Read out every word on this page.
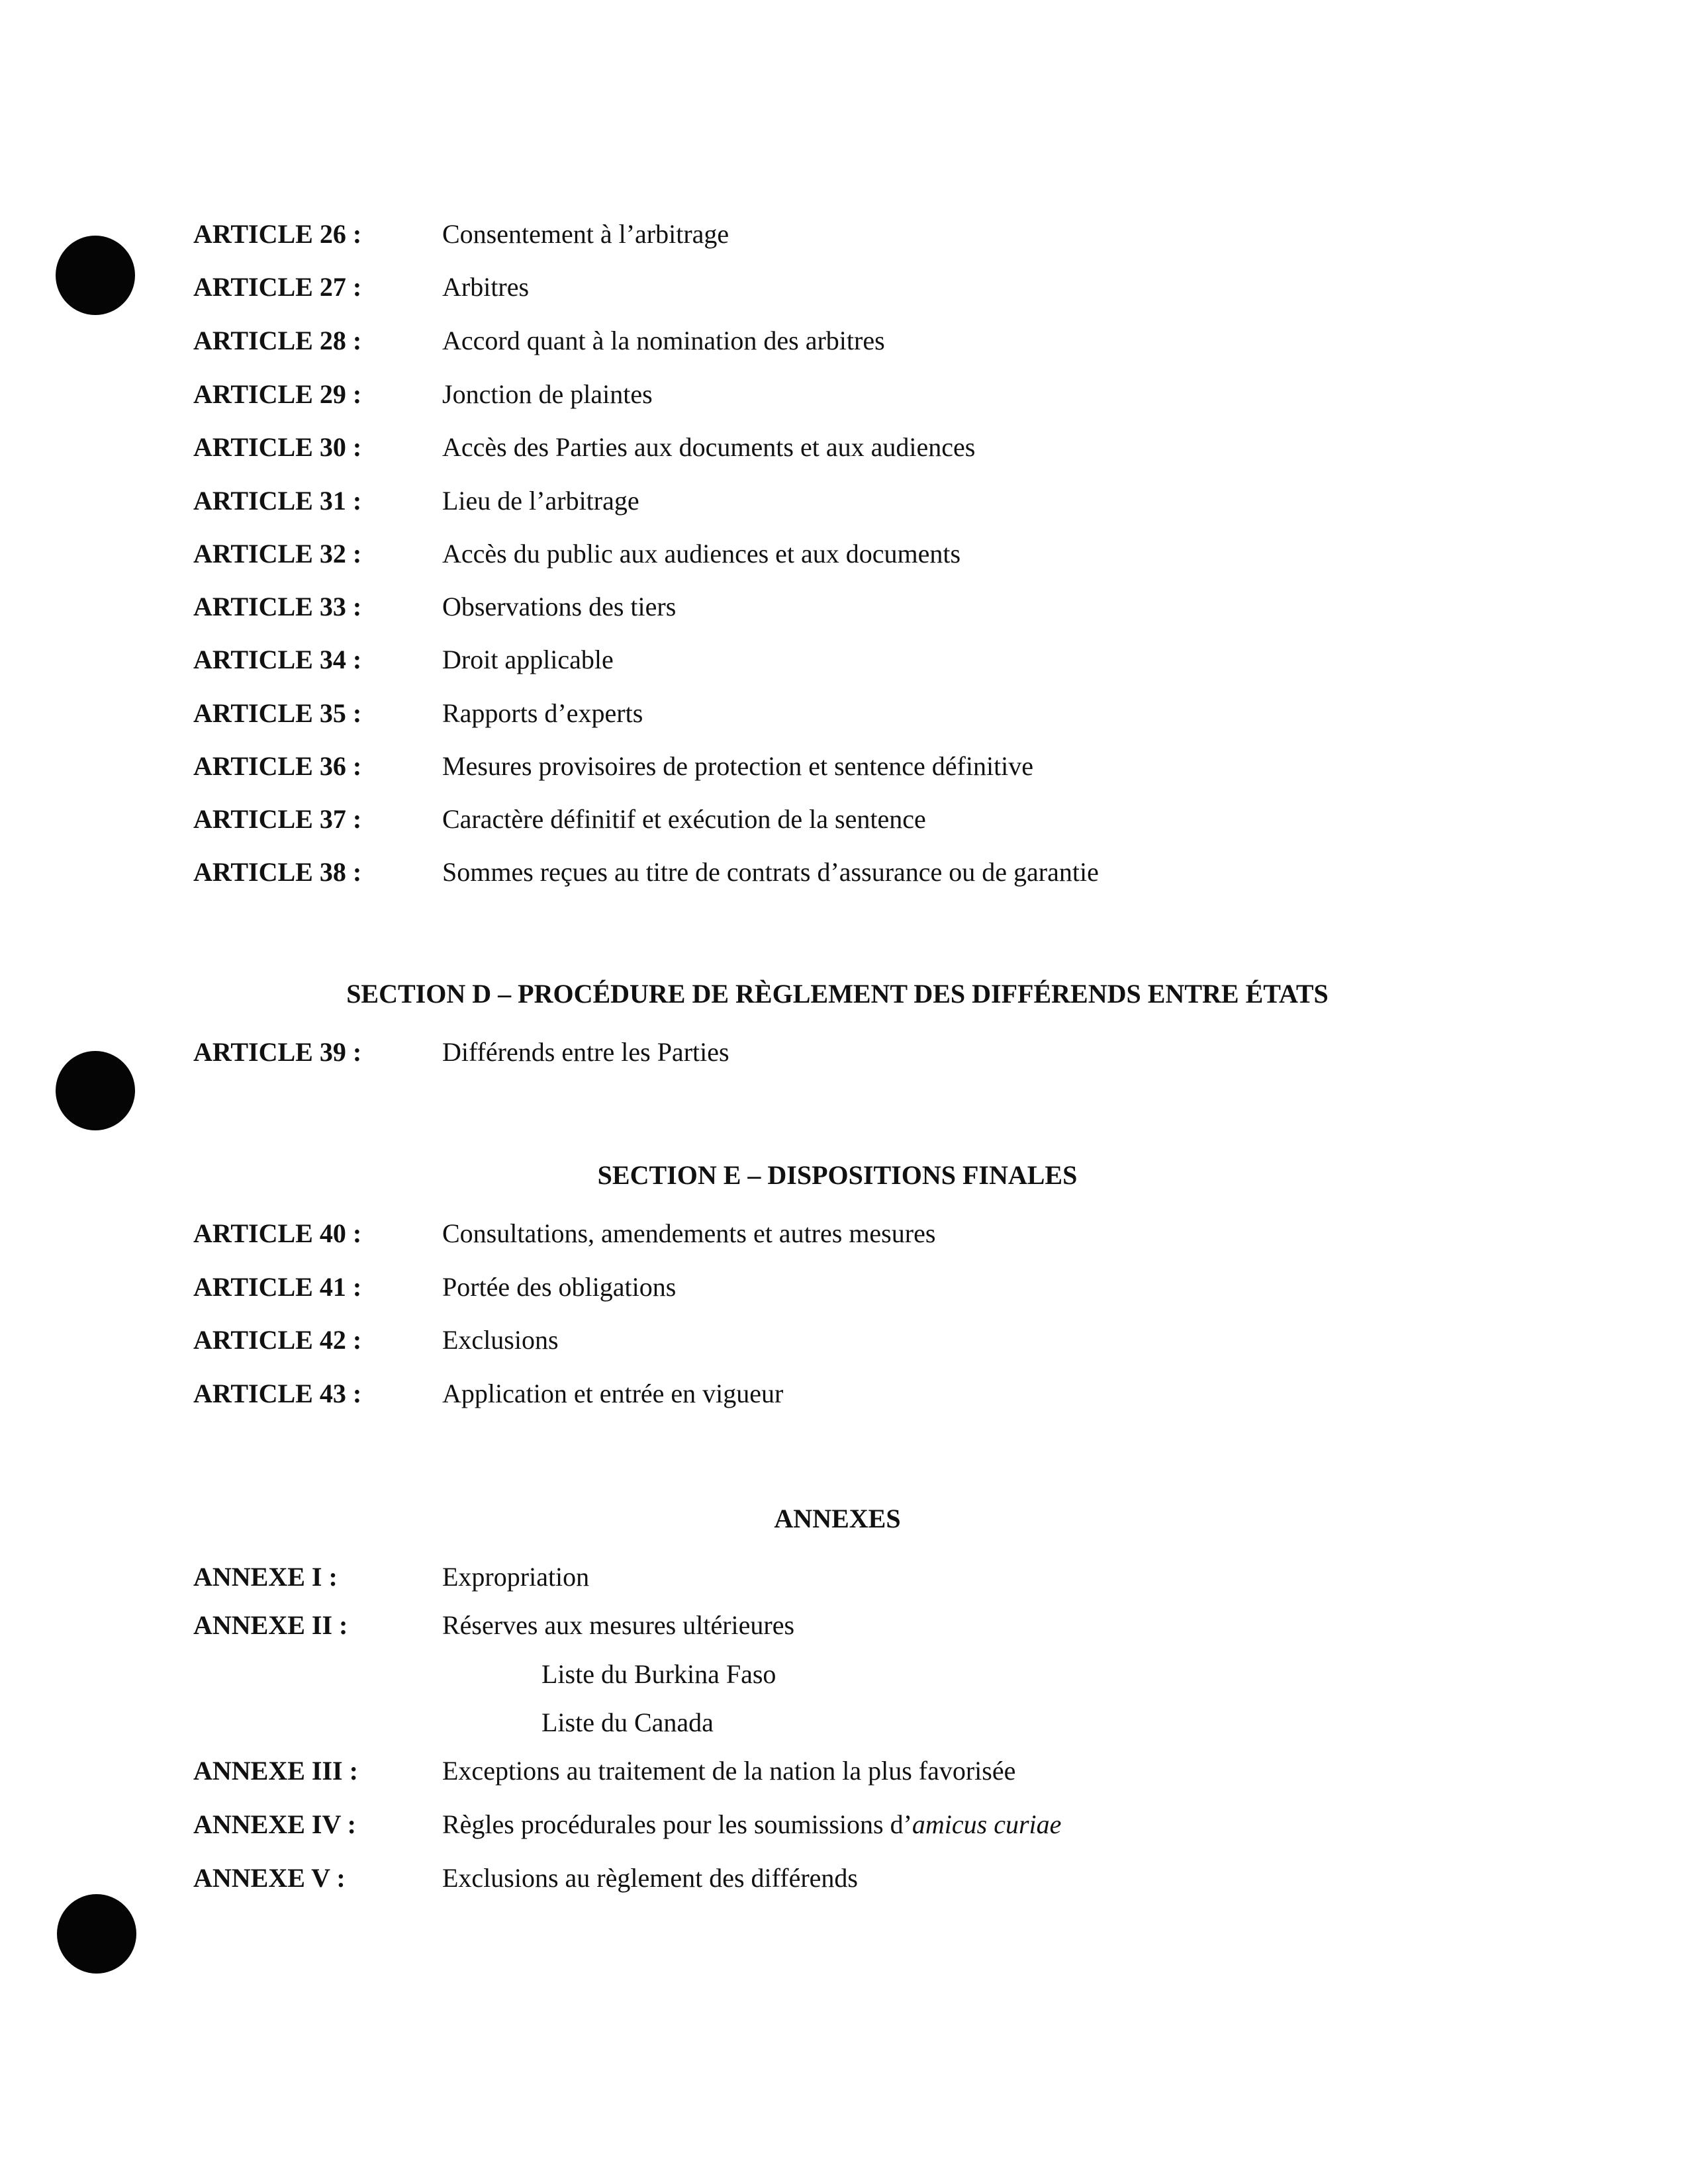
ARTICLE 26 :	Consentement à l’arbitrage
ARTICLE 27 :	Arbitres
ARTICLE 28 :	Accord quant à la nomination des arbitres
ARTICLE 29 :	Jonction de plaintes
ARTICLE 30 :	Accès des Parties aux documents et aux audiences
ARTICLE 31 :	Lieu de l’arbitrage
ARTICLE 32 :	Accès du public aux audiences et aux documents
ARTICLE 33 :	Observations des tiers
ARTICLE 34 :	Droit applicable
ARTICLE 35 :	Rapports d’experts
ARTICLE 36 :	Mesures provisoires de protection et sentence définitive
ARTICLE 37 :	Caractère définitif et exécution de la sentence
ARTICLE 38 :	Sommes reçues au titre de contrats d’assurance ou de garantie
SECTION D – PROCÉDURE DE RÈGLEMENT DES DIFFÉRENDS ENTRE ÉTATS
ARTICLE 39 :	Différends entre les Parties
SECTION E – DISPOSITIONS FINALES
ARTICLE 40 :	Consultations, amendements et autres mesures
ARTICLE 41 :	Portée des obligations
ARTICLE 42 :	Exclusions
ARTICLE 43 :	Application et entrée en vigueur
ANNEXES
ANNEXE I :	Expropriation
ANNEXE II :	Réserves aux mesures ultérieures
Liste du Burkina Faso
Liste du Canada
ANNEXE III :	Exceptions au traitement de la nation la plus favorisée
ANNEXE IV :	Règles procédurales pour les soumissions d’amicus curiae
ANNEXE V :	Exclusions au règlement des différends
